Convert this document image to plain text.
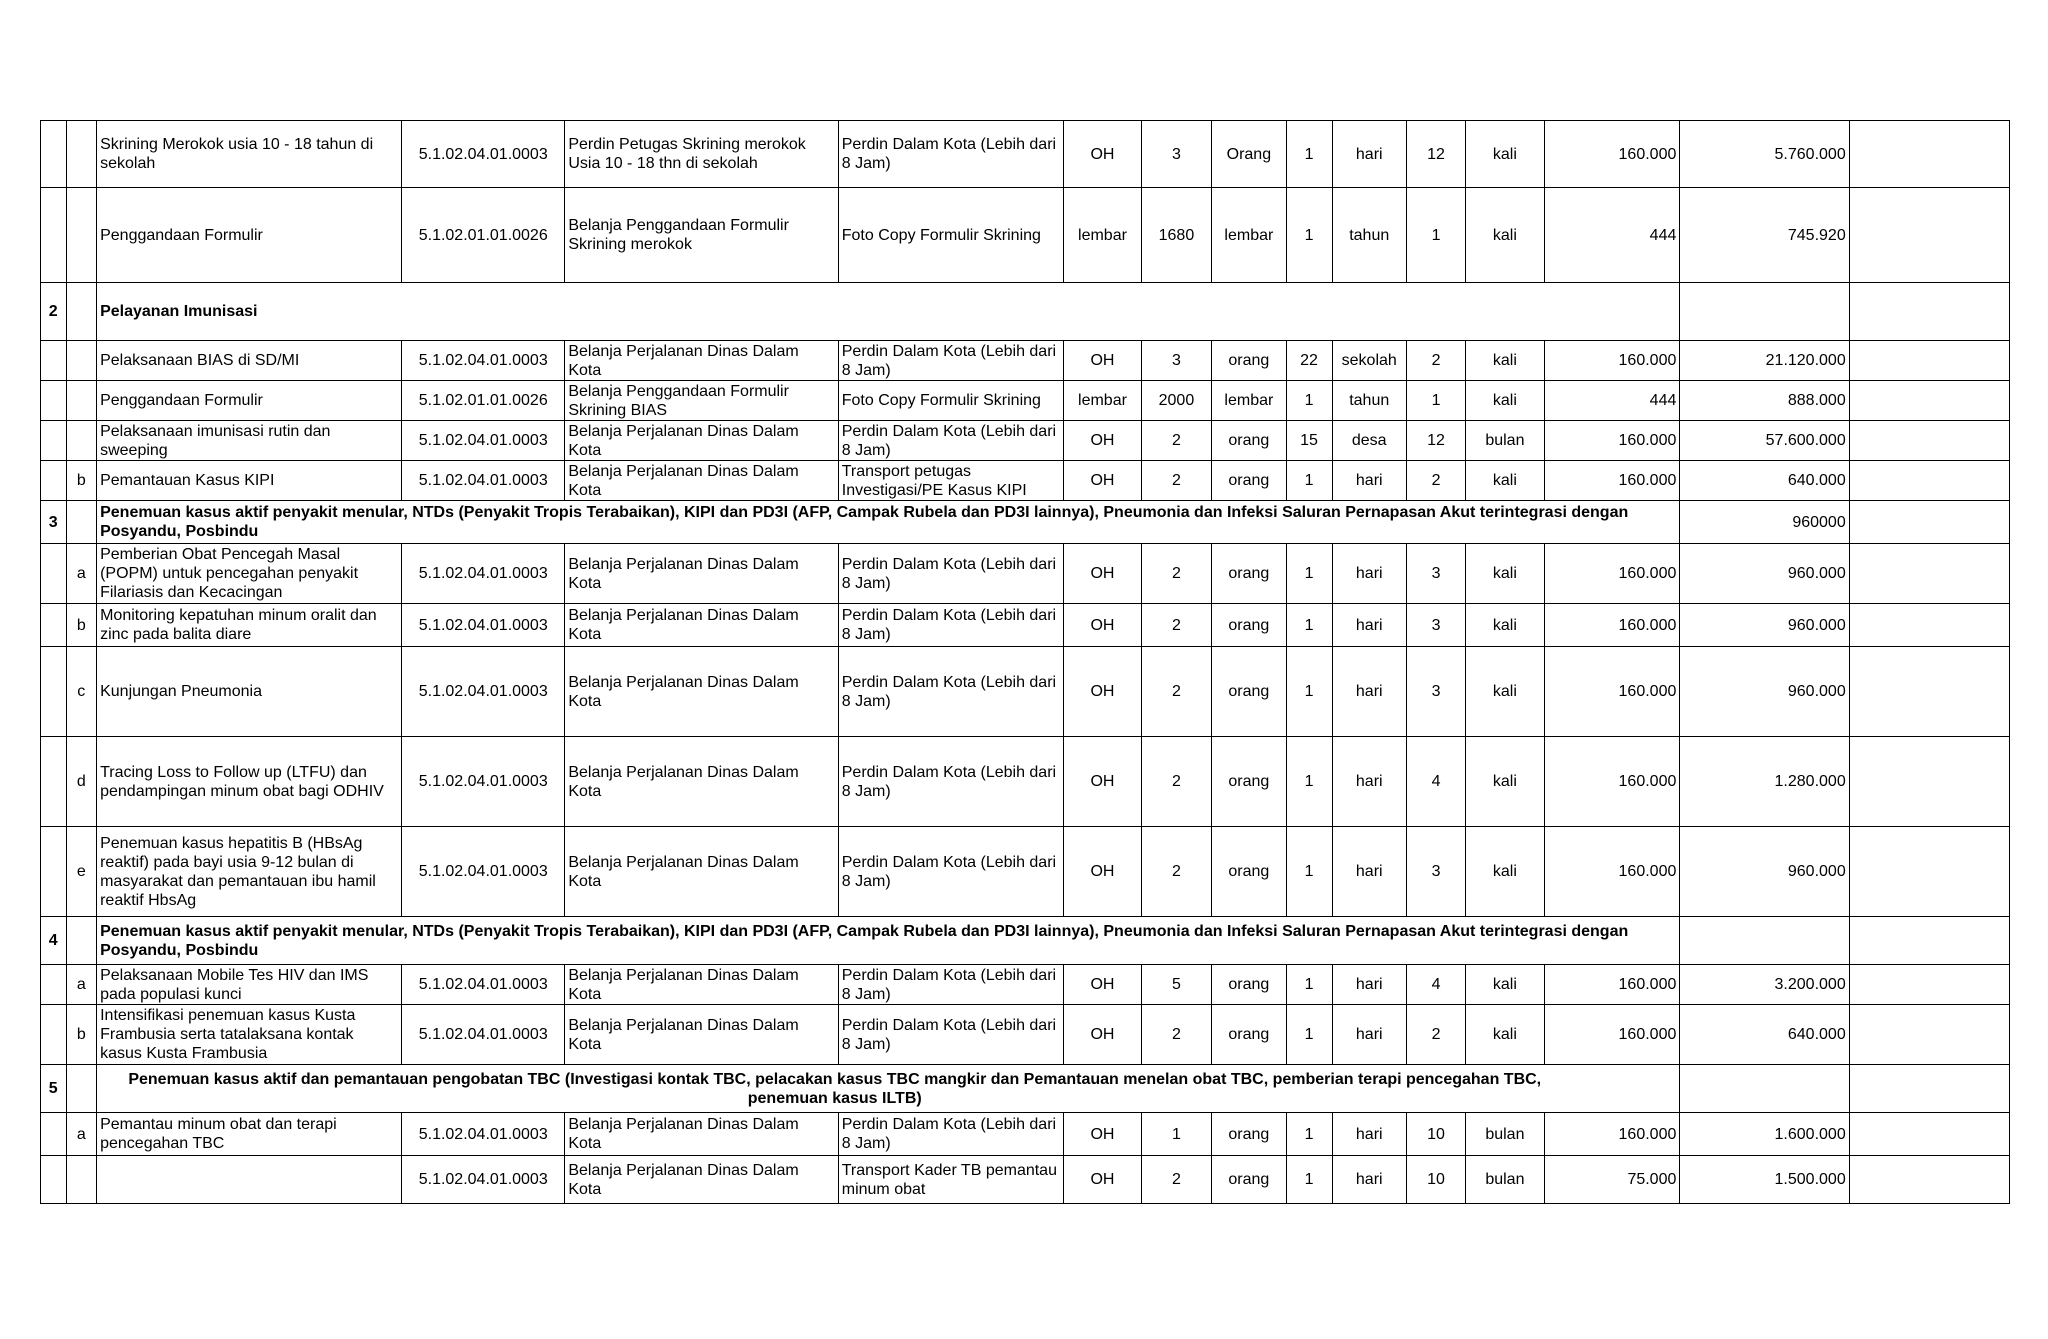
		Skrining Merokok usia 10 - 18 tahun di sekolah	5.1.02.04.01.0003	Perdin Petugas Skrining merokok Usia 10 - 18 thn di sekolah	Perdin Dalam Kota (Lebih dari 8 Jam)	OH	3	Orang	1	hari	12	kali	160.000	5.760.000	
		Penggandaan Formulir	5.1.02.01.01.0026	Belanja Penggandaan Formulir Skrining merokok	Foto Copy Formulir Skrining	lembar	1680	lembar	1	tahun	1	kali	444	745.920	
2		Pelayanan Imunisasi													
		Pelaksanaan BIAS di SD/MI	5.1.02.04.01.0003	Belanja Perjalanan Dinas Dalam Kota	Perdin Dalam Kota (Lebih dari 8 Jam)	OH	3	orang	22	sekolah	2	kali	160.000	21.120.000	
		Penggandaan Formulir	5.1.02.01.01.0026	Belanja Penggandaan Formulir Skrining BIAS	Foto Copy Formulir Skrining	lembar	2000	lembar	1	tahun	1	kali	444	888.000	
		Pelaksanaan imunisasi rutin dan sweeping	5.1.02.04.01.0003	Belanja Perjalanan Dinas Dalam Kota	Perdin Dalam Kota (Lebih dari 8 Jam)	OH	2	orang	15	desa	12	bulan	160.000	57.600.000	
	b	Pemantauan Kasus KIPI	5.1.02.04.01.0003	Belanja Perjalanan Dinas Dalam Kota	Transport petugas Investigasi/PE Kasus KIPI	OH	2	orang	1	hari	2	kali	160.000	640.000	
3		Penemuan kasus aktif penyakit menular, NTDs (Penyakit Tropis Terabaikan), KIPI dan PD3I (AFP, Campak Rubela dan PD3I lainnya), Pneumonia dan Infeksi Saluran Pernapasan Akut terintegrasi dengan Posyandu, Posbindu												960000	
	a	Pemberian Obat Pencegah Masal (POPM) untuk pencegahan penyakit Filariasis dan Kecacingan	5.1.02.04.01.0003	Belanja Perjalanan Dinas Dalam Kota	Perdin Dalam Kota (Lebih dari 8 Jam)	OH	2	orang	1	hari	3	kali	160.000	960.000	
	b	Monitoring kepatuhan minum oralit dan zinc pada balita diare	5.1.02.04.01.0003	Belanja Perjalanan Dinas Dalam Kota	Perdin Dalam Kota (Lebih dari 8 Jam)	OH	2	orang	1	hari	3	kali	160.000	960.000	
	c	Kunjungan Pneumonia	5.1.02.04.01.0003	Belanja Perjalanan Dinas Dalam Kota	Perdin Dalam Kota (Lebih dari 8 Jam)	OH	2	orang	1	hari	3	kali	160.000	960.000	
	d	Tracing Loss to Follow up (LTFU) dan pendampingan minum obat bagi ODHIV	5.1.02.04.01.0003	Belanja Perjalanan Dinas Dalam Kota	Perdin Dalam Kota (Lebih dari 8 Jam)	OH	2	orang	1	hari	4	kali	160.000	1.280.000	
	e	Penemuan kasus hepatitis B (HBsAg reaktif) pada bayi usia 9-12 bulan di masyarakat dan pemantauan ibu hamil reaktif HbsAg	5.1.02.04.01.0003	Belanja Perjalanan Dinas Dalam Kota	Perdin Dalam Kota (Lebih dari 8 Jam)	OH	2	orang	1	hari	3	kali	160.000	960.000	
4		Penemuan kasus aktif penyakit menular, NTDs (Penyakit Tropis Terabaikan), KIPI dan PD3I (AFP, Campak Rubela dan PD3I lainnya), Pneumonia dan Infeksi Saluran Pernapasan Akut terintegrasi dengan Posyandu, Posbindu													
	a	Pelaksanaan Mobile Tes HIV dan IMS pada populasi kunci	5.1.02.04.01.0003	Belanja Perjalanan Dinas Dalam Kota	Perdin Dalam Kota (Lebih dari 8 Jam)	OH	5	orang	1	hari	4	kali	160.000	3.200.000	
	b	Intensifikasi penemuan kasus Kusta Frambusia serta tatalaksana kontak kasus Kusta Frambusia	5.1.02.04.01.0003	Belanja Perjalanan Dinas Dalam Kota	Perdin Dalam Kota (Lebih dari 8 Jam)	OH	2	orang	1	hari	2	kali	160.000	640.000	
5		Penemuan kasus aktif dan pemantauan pengobatan TBC (Investigasi kontak TBC, pelacakan kasus TBC mangkir dan Pemantauan menelan obat TBC, pemberian terapi pencegahan TBC, penemuan kasus ILTB)													
	a	Pemantau minum obat dan terapi pencegahan TBC	5.1.02.04.01.0003	Belanja Perjalanan Dinas Dalam Kota	Perdin Dalam Kota (Lebih dari 8 Jam)	OH	1	orang	1	hari	10	bulan	160.000	1.600.000	
			5.1.02.04.01.0003	Belanja Perjalanan Dinas Dalam Kota	Transport Kader TB pemantau minum obat	OH	2	orang	1	hari	10	bulan	75.000	1.500.000	
